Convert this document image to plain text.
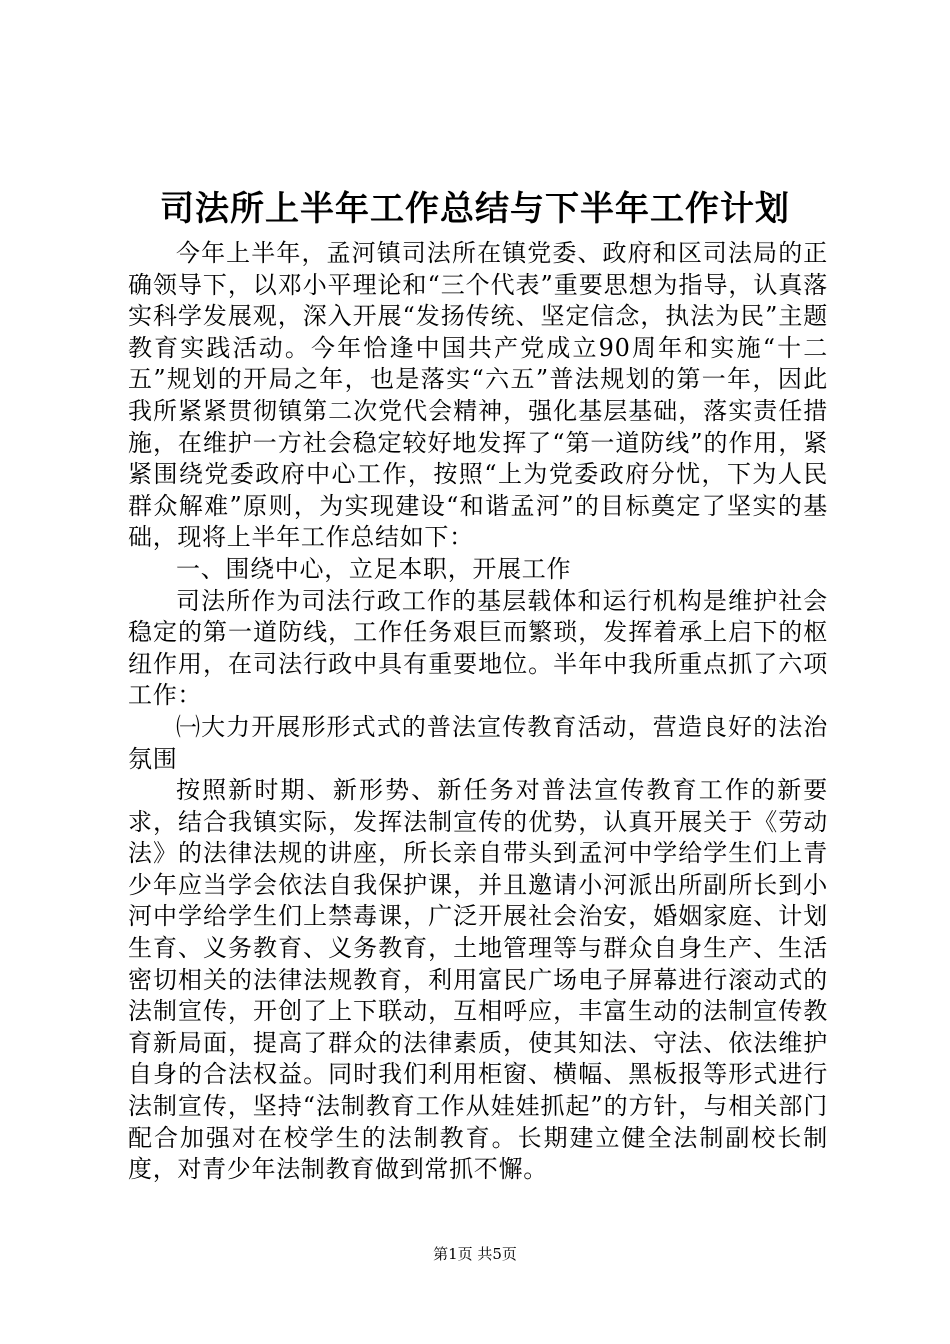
司法所上半年工作总结与下半年工作计划

今年上半年，孟河镇司法所在镇党委、政府和区司法局的正确领导下，以邓小平理论和“三个代表”重要思想为指导，认真落实科学发展观，深入开展“发扬传统、坚定信念，执法为民”主题教育实践活动。今年恰逢中国共产党成立90周年和实施“十二五”规划的开局之年，也是落实“六五”普法规划的第一年，因此我所紧紧贯彻镇第二次党代会精神，强化基层基础，落实责任措施，在维护一方社会稳定较好地发挥了“第一道防线”的作用，紧紧围绕党委政府中心工作，按照“上为党委政府分忧，下为人民群众解难”原则，为实现建设“和谐孟河”的目标奠定了坚实的基础，现将上半年工作总结如下：

一、围绕中心，立足本职，开展工作

司法所作为司法行政工作的基层载体和运行机构是维护社会稳定的第一道防线，工作任务艰巨而繁琐，发挥着承上启下的枢纽作用，在司法行政中具有重要地位。半年中我所重点抓了六项工作：

㈠大力开展形形式式的普法宣传教育活动，营造良好的法治氛围

按照新时期、新形势、新任务对普法宣传教育工作的新要求，结合我镇实际，发挥法制宣传的优势，认真开展关于《劳动法》的法律法规的讲座，所长亲自带头到孟河中学给学生们上青少年应当学会依法自我保护课，并且邀请小河派出所副所长到小河中学给学生们上禁毒课，广泛开展社会治安，婚姻家庭、计划生育、义务教育、义务教育，土地管理等与群众自身生产、生活密切相关的法律法规教育，利用富民广场电子屏幕进行滚动式的法制宣传，开创了上下联动，互相呼应，丰富生动的法制宣传教育新局面，提高了群众的法律素质，使其知法、守法、依法维护自身的合法权益。同时我们利用柜窗、横幅、黑板报等形式进行法制宣传，坚持“法制教育工作从娃娃抓起”的方针，与相关部门配合加强对在校学生的法制教育。长期建立健全法制副校长制度，对青少年法制教育做到常抓不懈。

第1页 共5页
